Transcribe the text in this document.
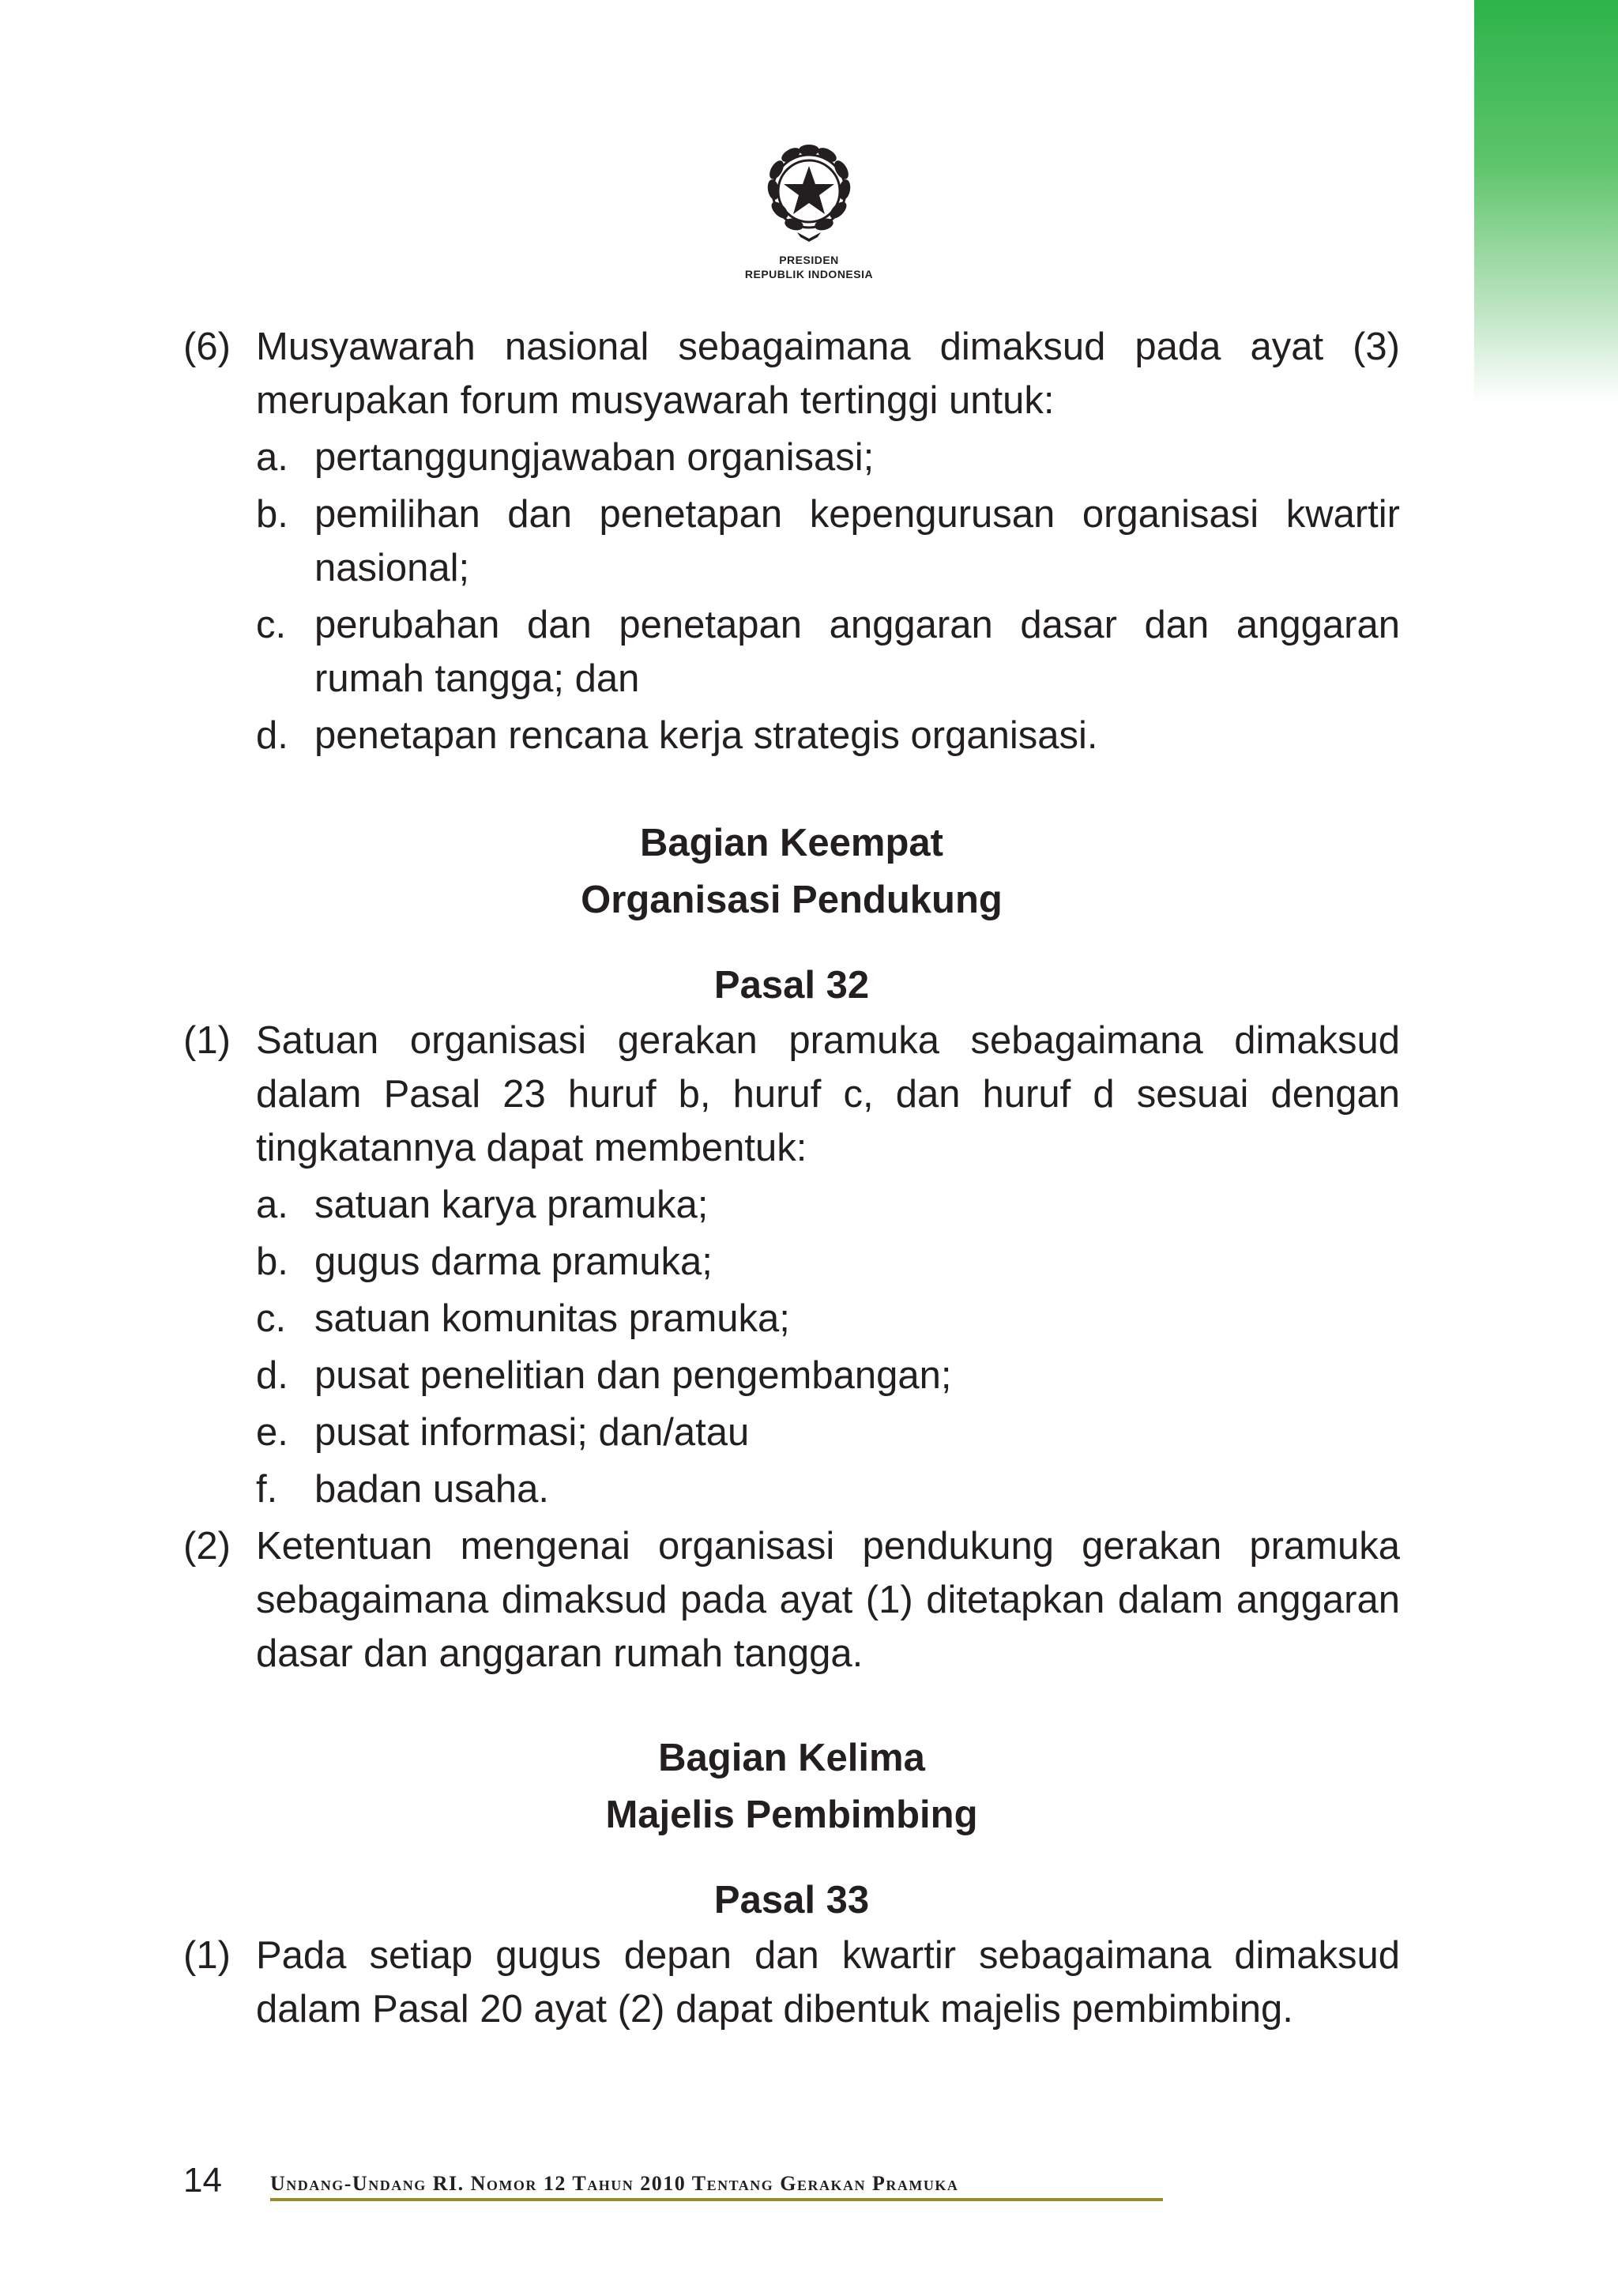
PRESIDEN
REPUBLIK INDONESIA
(6) Musyawarah nasional sebagaimana dimaksud pada ayat (3) merupakan forum musyawarah tertinggi untuk:
a. pertanggungjawaban organisasi;
b. pemilihan dan penetapan kepengurusan organisasi kwartir nasional;
c. perubahan dan penetapan anggaran dasar dan anggaran rumah tangga; dan
d. penetapan rencana kerja strategis organisasi.
Bagian Keempat
Organisasi Pendukung
Pasal 32
(1) Satuan organisasi gerakan pramuka sebagaimana dimaksud dalam Pasal 23 huruf b, huruf c, dan huruf d sesuai dengan tingkatannya dapat membentuk:
a. satuan karya pramuka;
b. gugus darma pramuka;
c. satuan komunitas pramuka;
d. pusat penelitian dan pengembangan;
e. pusat informasi; dan/atau
f. badan usaha.
(2) Ketentuan mengenai organisasi pendukung gerakan pramuka sebagaimana dimaksud pada ayat (1) ditetapkan dalam anggaran dasar dan anggaran rumah tangga.
Bagian Kelima
Majelis Pembimbing
Pasal 33
(1) Pada setiap gugus depan dan kwartir sebagaimana dimaksud dalam Pasal 20 ayat (2) dapat dibentuk majelis pembimbing.
14 Undang-Undang RI. Nomor 12 Tahun 2010 Tentang Gerakan Pramuka
